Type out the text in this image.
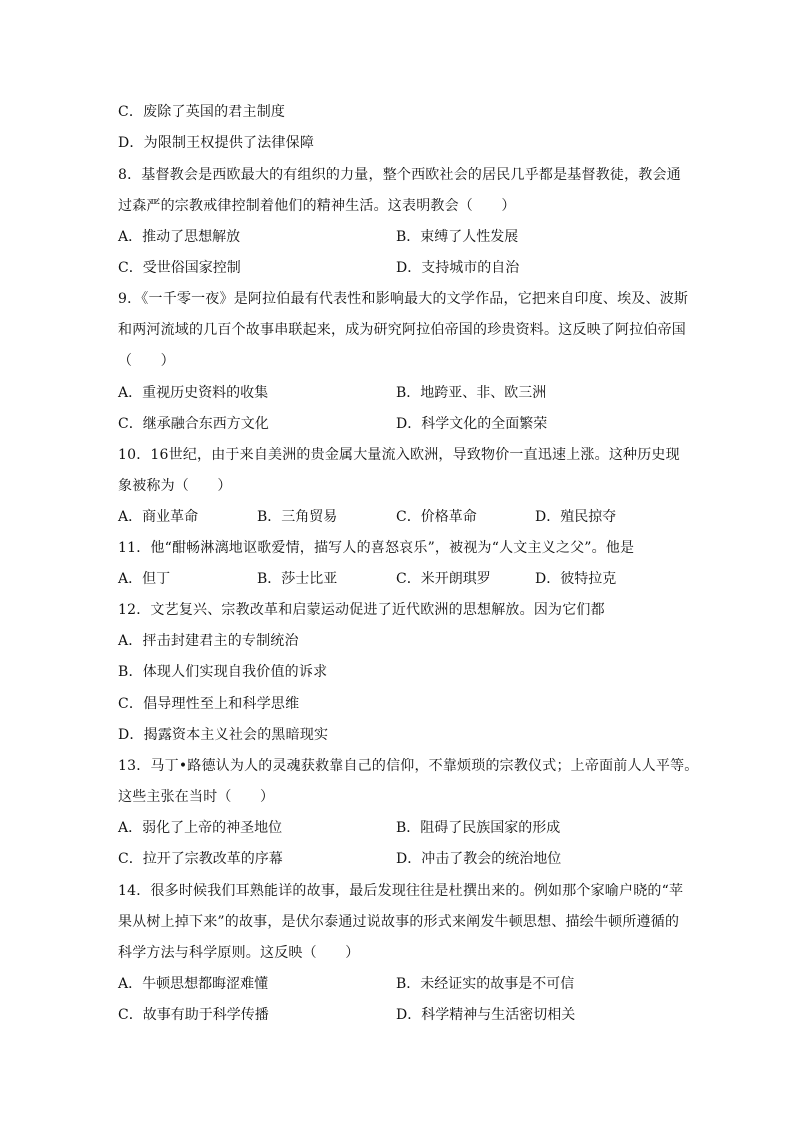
C．废除了英国的君主制度
D．为限制王权提供了法律保障
8．基督教会是西欧最大的有组织的力量，整个西欧社会的居民几乎都是基督教徒，教会通
过森严的宗教戒律控制着他们的精神生活。这表明教会（　　）
A．推动了思想解放	B．束缚了人性发展
C．受世俗国家控制	D．支持城市的自治
9．《一千零一夜》是阿拉伯最有代表性和影响最大的文学作品，它把来自印度、埃及、波斯
和两河流域的几百个故事串联起来，成为研究阿拉伯帝国的珍贵资料。这反映了阿拉伯帝国
（　　）
A．重视历史资料的收集	B．地跨亚、非、欧三洲
C．继承融合东西方文化	D．科学文化的全面繁荣
10．16世纪，由于来自美洲的贵金属大量流入欧洲，导致物价一直迅速上涨。这种历史现
象被称为（　　）
A．商业革命	B．三角贸易	C．价格革命	D．殖民掠夺
11．他“酣畅淋漓地讴歌爱情，描写人的喜怒哀乐”，被视为“人文主义之父”。他是
A．但丁	B．莎士比亚	C．米开朗琪罗	D．彼特拉克
12．文艺复兴、宗教改革和启蒙运动促进了近代欧洲的思想解放。因为它们都
A．抨击封建君主的专制统治
B．体现人们实现自我价值的诉求
C．倡导理性至上和科学思维
D．揭露资本主义社会的黑暗现实
13．马丁•路德认为人的灵魂获救靠自己的信仰，不靠烦琐的宗教仪式；上帝面前人人平等。
这些主张在当时（　　）
A．弱化了上帝的神圣地位	B．阻碍了民族国家的形成
C．拉开了宗教改革的序幕	D．冲击了教会的统治地位
14．很多时候我们耳熟能详的故事，最后发现往往是杜撰出来的。例如那个家喻户晓的“苹
果从树上掉下来”的故事，是伏尔泰通过说故事的形式来阐发牛顿思想、描绘牛顿所遵循的
科学方法与科学原则。这反映（　　）
A．牛顿思想都晦涩难懂	B．未经证实的故事是不可信
C．故事有助于科学传播	D．科学精神与生活密切相关
